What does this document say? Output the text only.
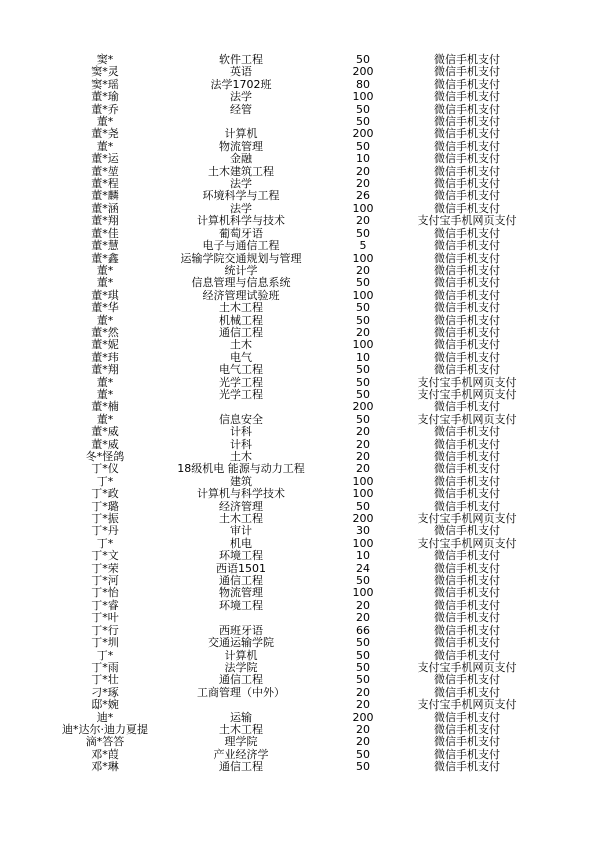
窦*	软件工程	50	微信手机支付
窦*灵	英语	200	微信手机支付
窦*瑶	法学1702班	80	微信手机支付
董*瑜	法学	100	微信手机支付
董*乔	经管	50	微信手机支付
董*		50	微信手机支付
董*尧	计算机	200	微信手机支付
董*	物流管理	50	微信手机支付
董*运	金融	10	微信手机支付
董*堃	土木建筑工程	20	微信手机支付
董*程	法学	20	微信手机支付
董*麟	环境科学与工程	26	微信手机支付
董*涵	法学	100	微信手机支付
董*翔	计算机科学与技术	20	支付宝手机网页支付
董*佳	葡萄牙语	50	微信手机支付
董*慧	电子与通信工程	5	微信手机支付
董*鑫	运输学院交通规划与管理	100	微信手机支付
董*	统计学	20	微信手机支付
董*	信息管理与信息系统	50	微信手机支付
董*琪	经济管理试验班	100	微信手机支付
董*华	土木工程	50	微信手机支付
董*	机械工程	50	微信手机支付
董*然	通信工程	20	微信手机支付
董*妮	土木	100	微信手机支付
董*玮	电气	10	微信手机支付
董*翔	电气工程	50	微信手机支付
董*	光学工程	50	支付宝手机网页支付
董*	光学工程	50	支付宝手机网页支付
董*楠		200	微信手机支付
董*	信息安全	50	支付宝手机网页支付
董*威	计科	20	微信手机支付
董*威	计科	20	微信手机支付
冬*怪鸽	土木	20	微信手机支付
丁*仪	18级机电 能源与动力工程	20	微信手机支付
丁*	建筑	100	微信手机支付
丁*政	计算机与科学技术	100	微信手机支付
丁*璐	经济管理	50	微信手机支付
丁*振	土木工程	200	支付宝手机网页支付
丁*丹	审计	30	微信手机支付
丁*	机电	100	支付宝手机网页支付
丁*文	环境工程	10	微信手机支付
丁*荣	西语1501	24	微信手机支付
丁*河	通信工程	50	微信手机支付
丁*怡	物流管理	100	微信手机支付
丁*睿	环境工程	20	微信手机支付
丁*叶		20	微信手机支付
丁*行	西班牙语	66	微信手机支付
丁*圳	交通运输学院	50	微信手机支付
丁*	计算机	50	微信手机支付
丁*雨	法学院	50	支付宝手机网页支付
丁*壮	通信工程	50	微信手机支付
刁*琢	工商管理（中外）	20	微信手机支付
邸*婉		20	支付宝手机网页支付
迪*	运输	200	微信手机支付
迪*达尔·迪力夏提	土木工程	20	微信手机支付
滴*答答	理学院	20	微信手机支付
邓*葭	产业经济学	50	微信手机支付
邓*琳	通信工程	50	微信手机支付
